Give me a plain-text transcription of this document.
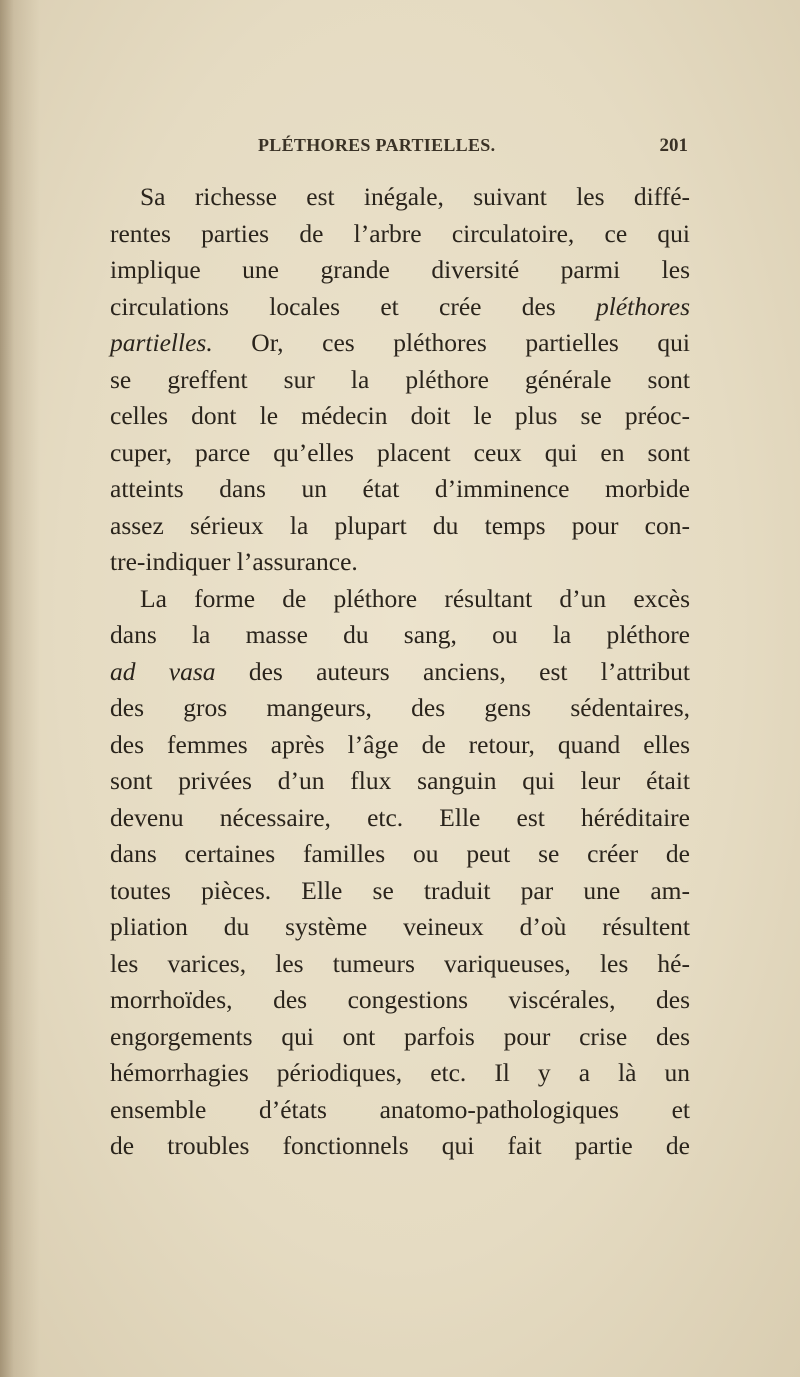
PLÉTHORES PARTIELLES.	201
Sa richesse est inégale, suivant les diffé-
rentes parties de l’arbre circulatoire, ce qui
implique une grande diversité parmi les
circulations locales et crée des pléthores
partielles. Or, ces pléthores partielles qui
se greffent sur la pléthore générale sont
celles dont le médecin doit le plus se préoc-
cuper, parce qu’elles placent ceux qui en sont
atteints dans un état d’imminence morbide
assez sérieux la plupart du temps pour con-
tre-indiquer l’assurance.
La forme de pléthore résultant d’un excès
dans la masse du sang, ou la pléthore
ad vasa des auteurs anciens, est l’attribut
des gros mangeurs, des gens sédentaires,
des femmes après l’âge de retour, quand elles
sont privées d’un flux sanguin qui leur était
devenu nécessaire, etc. Elle est héréditaire
dans certaines familles ou peut se créer de
toutes pièces. Elle se traduit par une am-
pliation du système veineux d’où résultent
les varices, les tumeurs variqueuses, les hé-
morrhoïdes, des congestions viscérales, des
engorgements qui ont parfois pour crise des
hémorrhagies périodiques, etc. Il y a là un
ensemble d’états anatomo-pathologiques et
de troubles fonctionnels qui fait partie de
